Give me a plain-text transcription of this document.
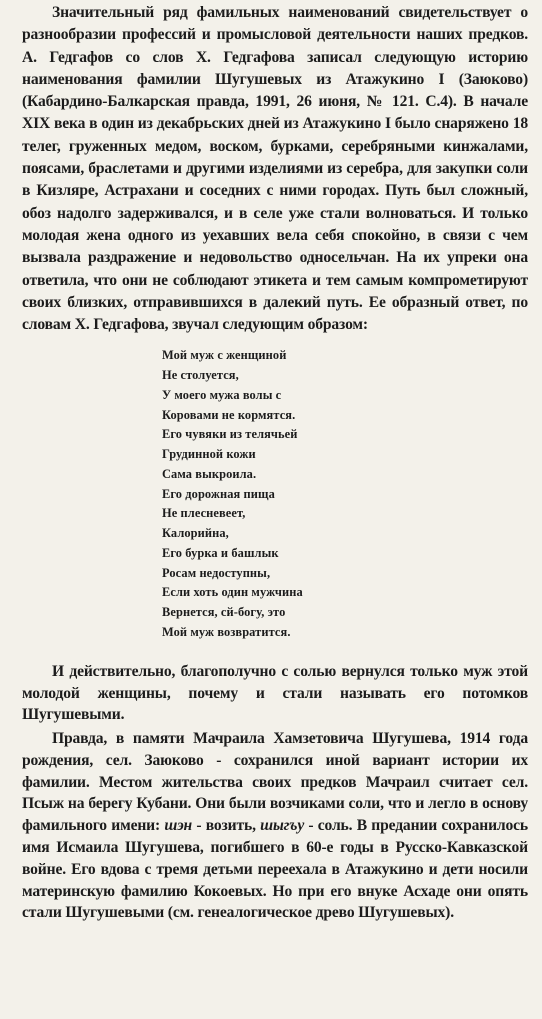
Значительный ряд фамильных наименований свидетельствует о разнообразии профессий и промысловой деятельности наших предков. А. Гедгафов со слов Х. Гедгафова записал следующую историю наименования фамилии Шугушевых из Атажукино I (Заюково) (Кабардино-Балкарская правда, 1991, 26 июня, № 121. С.4). В начале XIX века в один из декабрьских дней из Атажукино I было снаряжено 18 телег, груженных медом, воском, бурками, серебряными кинжалами, поясами, браслетами и другими изделиями из серебра, для закупки соли в Кизляре, Астрахани и соседних с ними городах. Путь был сложный, обоз надолго задерживался, и в селе уже стали волноваться. И только молодая жена одного из уехавших вела себя спокойно, в связи с чем вызвала раздражение и недовольство односельчан. На их упреки она ответила, что они не соблюдают этикета и тем самым компрометируют своих близких, отправившихся в далекий путь. Ее образный ответ, по словам Х. Гедгафова, звучал следующим образом:

Мой муж с женщиной
Не столуется,
У моего мужа волы с
Коровами не кормятся.
Его чувяки из телячьей
Грудинной кожи
Сама выкроила.
Его дорожная пища
Не плесневеет,
Калорийна,
Его бурка и башлык
Росам недоступны,
Если хоть один мужчина
Вернется, сй-богу, это
Мой муж возвратится.

И действительно, благополучно с солью вернулся только муж этой молодой женщины, почему и стали называть его потомков Шугушевыми.

Правда, в памяти Мачраила Хамзетовича Шугушева, 1914 года рождения, сел. Заюково - сохранился иной вариант истории их фамилии. Местом жительства своих предков Мачраил считает сел. Псыж на берегу Кубани. Они были возчиками соли, что и легло в основу фамильного имени: шэн - возить, шыгъу - соль. В предании сохранилось имя Исмаила Шугушева, погибшего в 60-е годы в Русско-Кавказской войне. Его вдова с тремя детьми переехала в Атажукино и дети носили материнскую фамилию Кокоевых. Но при его внуке Асхаде они опять стали Шугушевыми (см. генеалогическое древо Шугушевых).
